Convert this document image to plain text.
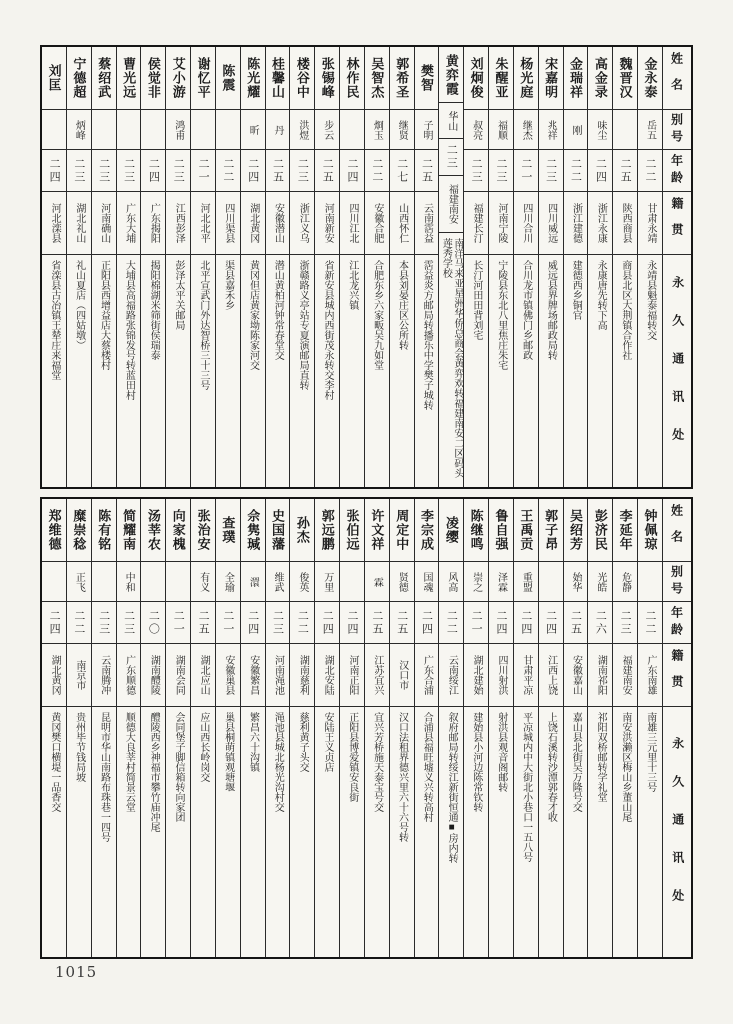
姓名
别号
年龄
籍贯
永久通讯处
金永泰
岳五
二二
甘肃永靖
永靖县魁泰福转交
魏晋汉
二五
陕西商县
商县北区大荆镇合作社
高金录
味尘
二四
浙江永康
永康唐先转下高
金瑞祥
刚
二二
浙江建德
建德西乡铜官
宋嘉明
兆祥
二三
四川威远
威远县界牌场邮政局转
杨光庭
继杰
二一
四川合川
合川龙市镇佛门乡邮政
朱醒亚
福顺
二三
河南宁陵
宁陵县东北八里焦庄朱宅
刘炯俊
叔亮
二三
福建长汀
长汀河田田背刘宅
黄弈霞
华山
二三
福建南安
南洋马来亚星洲华侨总商会黄弈欢转福建南安二区码头莲秀学校
樊智
子明
二五
云南霑益
霑益炎方邮局转播乐中学樊子城转
郭希圣
继贤
二七
山西怀仁
本县刘晏庄区公所转
吴智杰
烱玉
二二
安徽合肥
合肥东乡六家畈吴九如堂
林作民
二四
四川江北
江北龙兴镇
张锡峰
步云
二五
河南新安
省新安县城内西街茂永转交李村
楼谷中
洪煜
二三
浙江义乌
浙赣路义亭站专夏演邮局直转
桂馨山
丹
二五
安徽潜山
潜山黄柏河钟常春堂交
陈光耀
昕
二四
湖北黄冈
黄冈但店黄家坳陈家河交
陈震
二二
四川渠县
渠县嘉禾乡
谢忆平
二一
河北北平
北平宣武门外达智桥三十三号
艾小游
鸿甫
二三
江西彭泽
彭泽太平关邮局
侯觉非
二四
广东揭阳
揭阳棉湖米筛街侯瑞泰
曹光远
二三
广东大埔
大埔县高福路张锦发号转蓝田村
蔡绍武
二三
河南确山
正阳县西增益店大蔡楼村
宁德超
炳峰
二三
湖北礼山
礼山夏店（四姑墩）
刘匡
二四
河北滦县
省滦县古冶镇王辇庄来福堂
姓名
别号
年龄
籍贯
永久通讯处
钟佩琼
二二
广东南雄
南雄三元里十三号
李延年
危静
二三
福建南安
南安洪濑区梅山乡董山尾
彭济民
光皓
二六
湖南祁阳
祁阳双桥邮转学礼堂
吴绍芳
始华
二五
安徽嘉山
嘉山县北街吴万隆号交
郭子昂
二四
江西上饶
上饶石溪转沙潭郭春才收
王禹贡
重盟
二四
甘肃平凉
平凉城内中大街北小巷口一五八号
鲁自强
泽霖
二四
四川射洪
射洪县观音阁邮转
陈继鸣
崇之
二一
湖北建始
建始县小河边陈常钦转
凌缨
风高
二二
云南绥江
叙府邮局转绥江新街恒通■房内转
李宗成
国魂
二四
广东合浦
合浦县福旺墟义兴转高村
周定中
贤德
二五
汉口市
汉口法租界德兴里六十六号转
许文祥
霖
二五
江苏宜兴
宜兴芳桥施天泰宝号交
张伯远
二四
河南正阳
正阳县博爱镇安良街
郭远鹏
万里
二四
湖北安陆
安陆王义贞店
孙杰
俊英
二二
湖南慈利
慈利黄子头交
史国藩
维武
二三
河南渑池
渑池县城北杨光沟村交
佘隽瑊
澴
二四
安徽繁昌
繁昌六十沟镇
查璞
全瑜
二一
安徽巢县
巢县桐萌镇观塘堰
张治安
有义
二五
湖北应山
应山西长岭岗交
向家槐
二一
湖南会同
会同堡子脚信箱转向家团
汤莘农
二〇
湖南醴陵
醴陵西乡神福市攀竹庙冲尾
简耀南
中和
二三
广东顺德
顺德大良莘村简景云堂
陈有铭
二三
云南腾冲
昆明市华山南路布珠巷一四号
糜崇稔
正飞
二二
南京市
贵州毕节钱局坡
郑维德
二四
湖北黄冈
黄冈樊口横堤一品香交
1015
